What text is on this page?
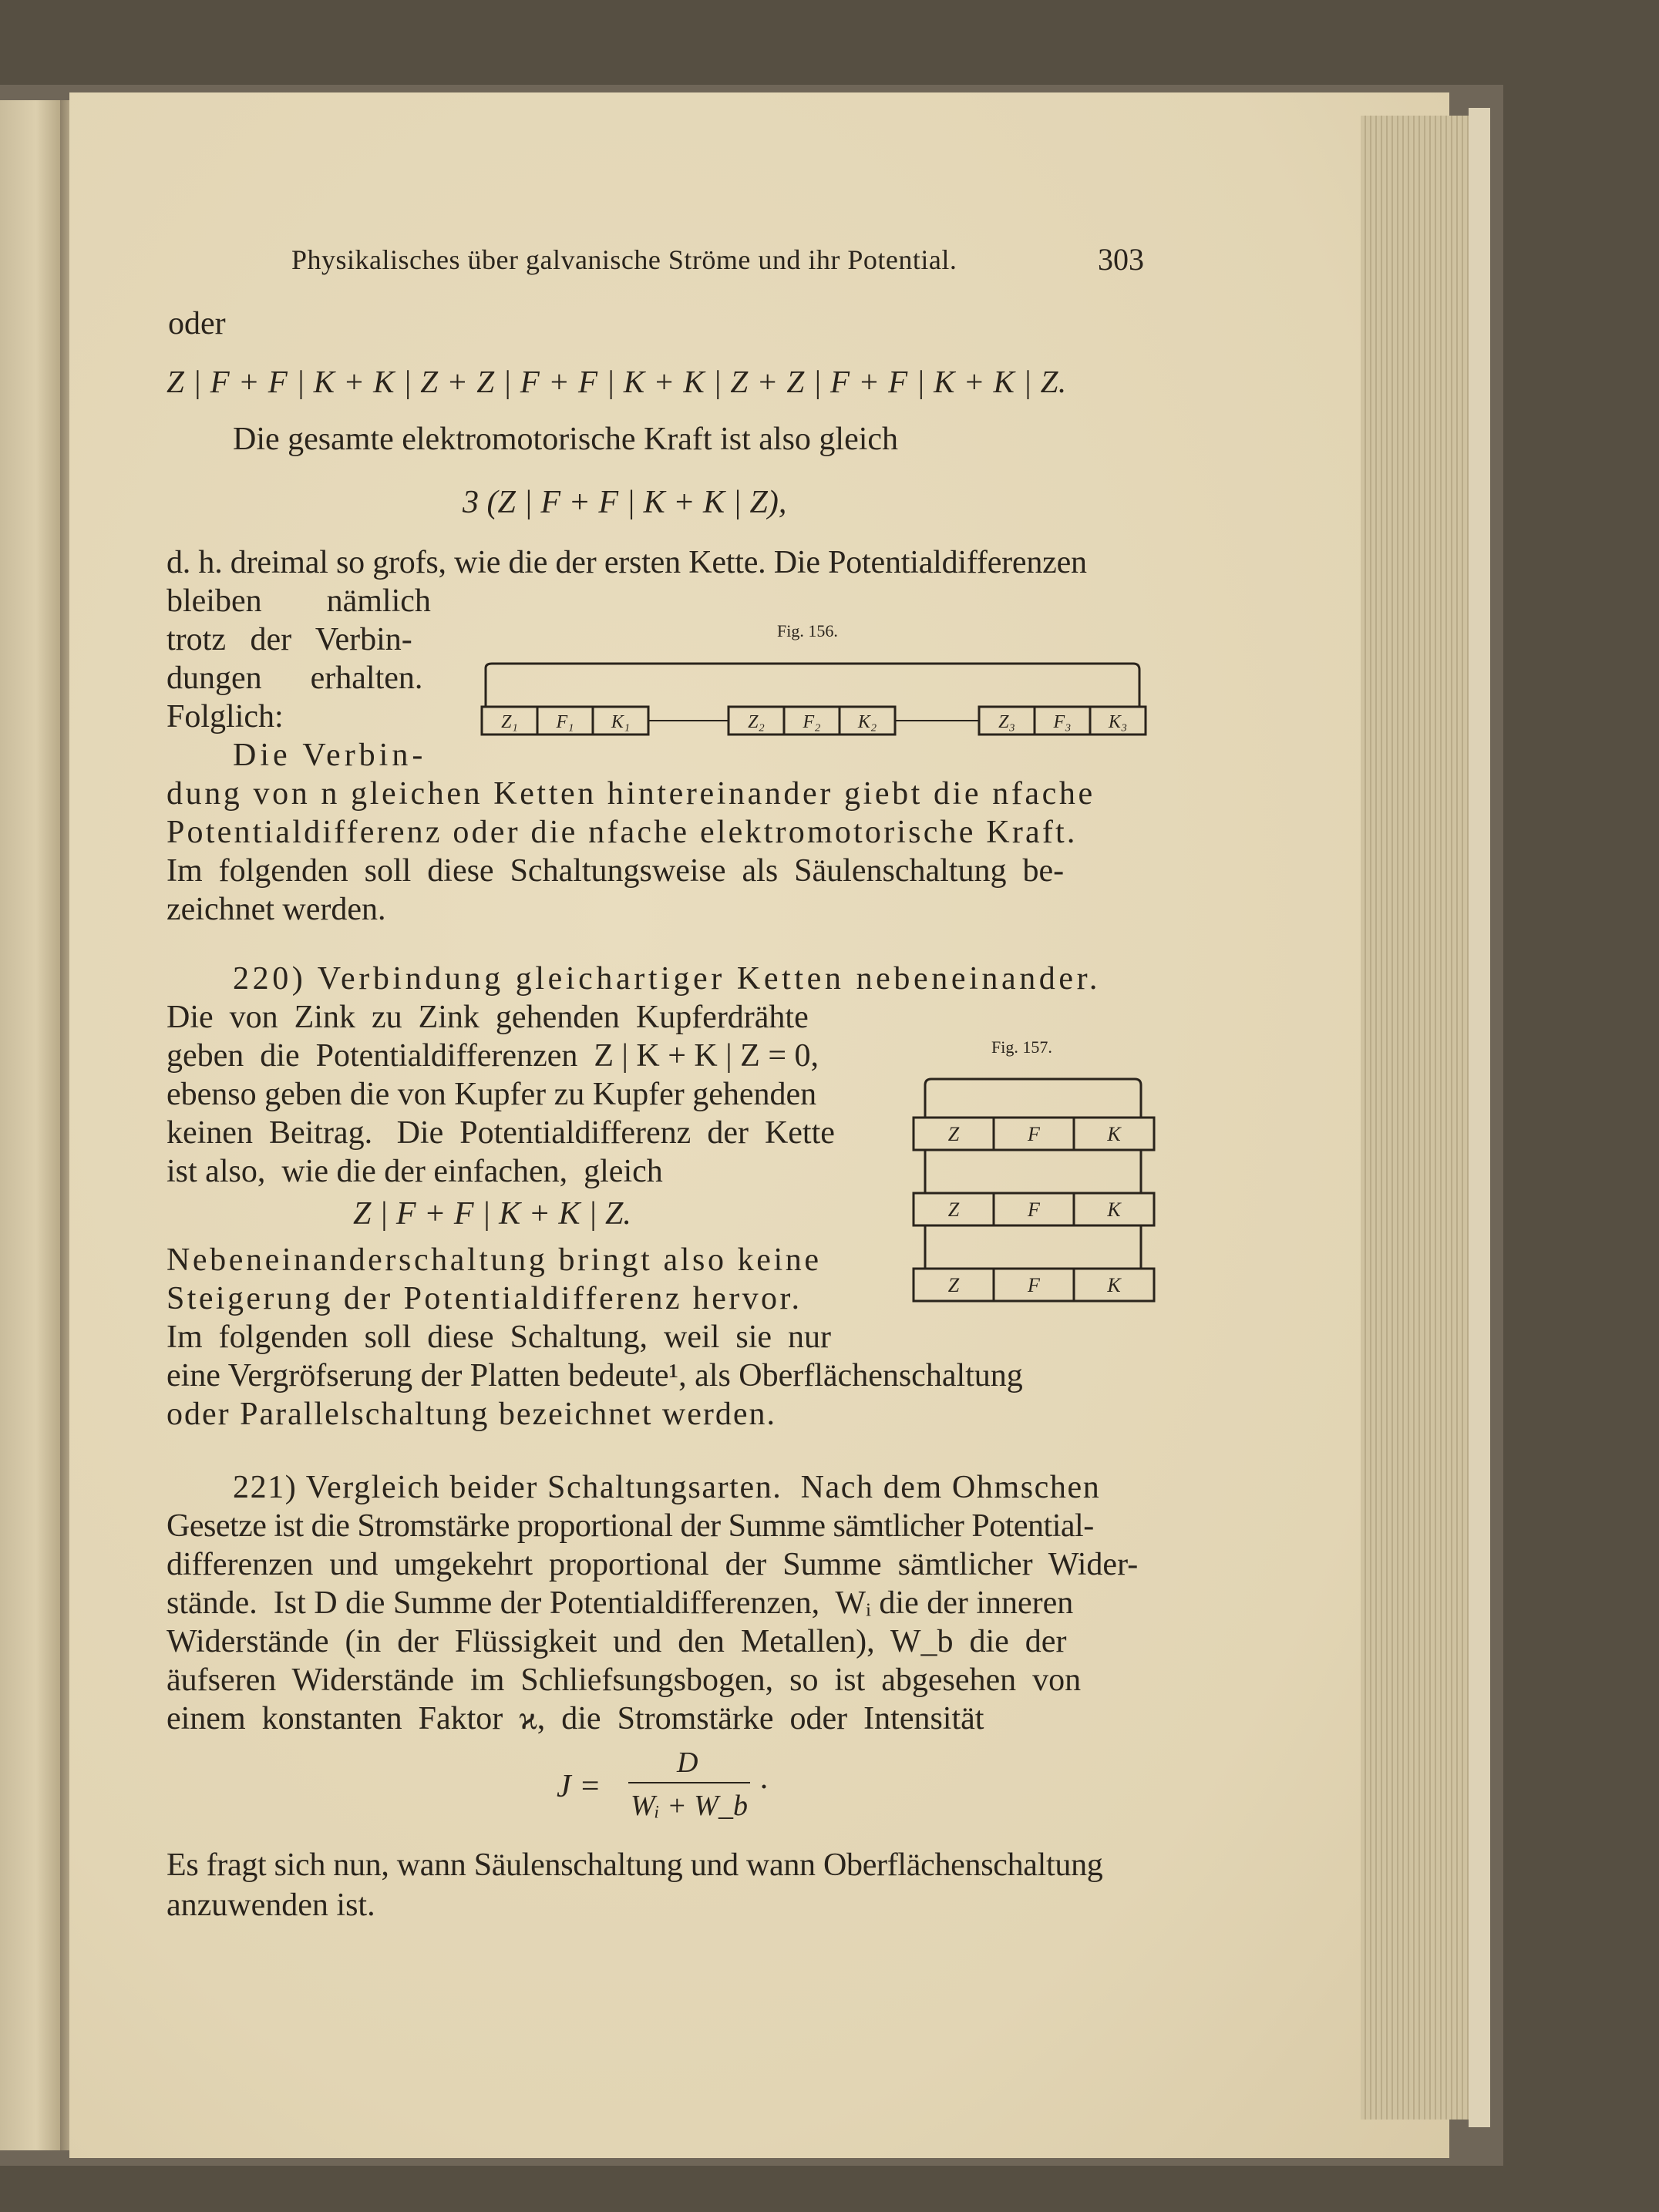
Physikalisches über galvanische Ströme und ihr Potential.	303

oder

Z | F + F | K + K | Z + Z | F + F | K + K | Z + Z | F + F | K + K | Z.

Die gesamte elektromotorische Kraft ist also gleich

3 (Z | F + F | K + K | Z),

d. h. dreimal so grofs, wie die der ersten Kette. Die Potentialdifferenzen

bleiben        nämlich

trotz   der   Verbin-

dungen      erhalten.

Folglich:

Fig. 156.

Z₁ F₁ K₁	Z₂ F₂ K₂	Z₃ F₃ K₃

Die Verbin-

dung von n gleichen Ketten hintereinander giebt die nfache

Potentialdifferenz oder die nfache elektromotorische Kraft.

Im  folgenden  soll  diese  Schaltungsweise  als  Säulenschaltung  be-

zeichnet werden.

220) Verbindung gleichartiger Ketten nebeneinander.

Die  von  Zink  zu  Zink  gehenden  Kupferdrähte

geben  die  Potentialdifferenzen  Z | K + K | Z = 0,

ebenso geben die von Kupfer zu Kupfer gehenden

keinen  Beitrag.   Die  Potentialdifferenz  der  Kette

ist also,  wie die der einfachen,  gleich

Z | F + F | K + K | Z.

Nebeneinanderschaltung bringt also keine

Steigerung der Potentialdifferenz hervor.

Im  folgenden  soll  diese  Schaltung,  weil  sie  nur

eine Vergröfserung der Platten bedeute¹, als Oberflächenschaltung

oder Parallelschaltung bezeichnet werden.

Fig. 157.

Z	F	K
Z	F	K
Z	F	K

221) Vergleich beider Schaltungsarten.  Nach dem Ohmschen

Gesetze ist die Stromstärke proportional der Summe sämtlicher Potential-

differenzen  und  umgekehrt  proportional  der  Summe  sämtlicher  Wider-

stände.  Ist D die Summe der Potentialdifferenzen,  Wᵢ die der inneren

Widerstände  (in  der  Flüssigkeit  und  den  Metallen),  W_b  die  der

äufseren  Widerstände  im  Schliefsungsbogen,  so  ist  abgesehen  von

einem  konstanten  Faktor  ϰ,  die  Stromstärke  oder  Intensität

J =

D

Wᵢ + W_b

·

Es fragt sich nun, wann Säulenschaltung und wann Oberflächenschaltung

anzuwenden ist.
